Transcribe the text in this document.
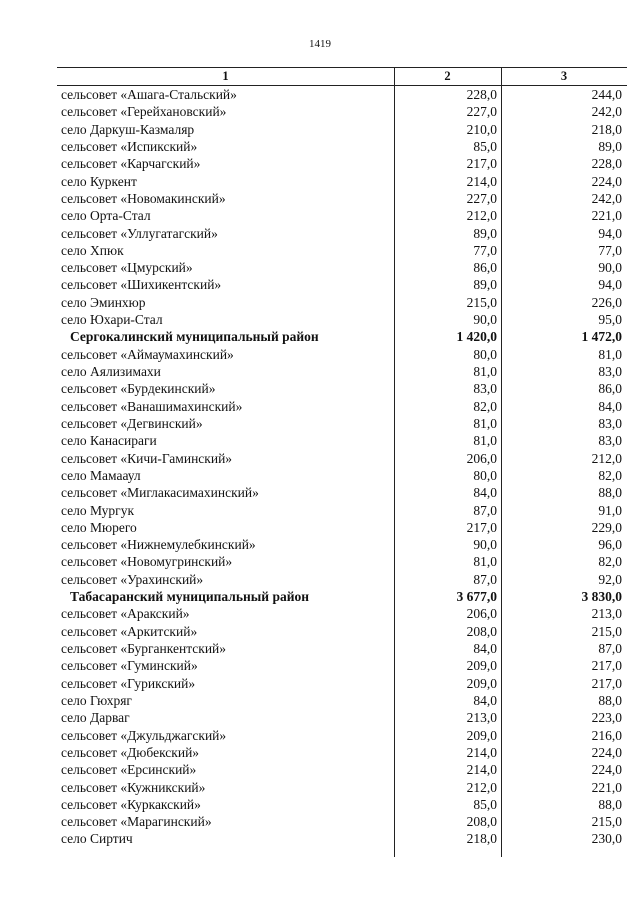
1419
1	2	3
сельсовет «Ашага-Стальский»	228,0	244,0
сельсовет «Герейхановский»	227,0	242,0
село Даркуш-Казмаляр	210,0	218,0
сельсовет «Испикский»	85,0	89,0
сельсовет «Карчагский»	217,0	228,0
село Куркент	214,0	224,0
сельсовет «Новомакинский»	227,0	242,0
село Орта-Стал	212,0	221,0
сельсовет «Уллугатагский»	89,0	94,0
село Хпюк	77,0	77,0
сельсовет «Цмурский»	86,0	90,0
сельсовет «Шихикентский»	89,0	94,0
село Эминхюр	215,0	226,0
село Юхари-Стал	90,0	95,0
Сергокалинский муниципальный район	1 420,0	1 472,0
сельсовет «Аймаумахинский»	80,0	81,0
село Аялизимахи	81,0	83,0
сельсовет «Бурдекинский»	83,0	86,0
сельсовет «Ванашимахинский»	82,0	84,0
сельсовет «Дегвинский»	81,0	83,0
село Канасираги	81,0	83,0
сельсовет «Кичи-Гаминский»	206,0	212,0
село Мамааул	80,0	82,0
сельсовет «Миглакасимахинский»	84,0	88,0
село Мургук	87,0	91,0
село Мюрего	217,0	229,0
сельсовет «Нижнемулебкинский»	90,0	96,0
сельсовет «Новомугринский»	81,0	82,0
сельсовет «Урахинский»	87,0	92,0
Табасаранский муниципальный район	3 677,0	3 830,0
сельсовет «Аракский»	206,0	213,0
сельсовет «Аркитский»	208,0	215,0
сельсовет «Бурганкентский»	84,0	87,0
сельсовет «Гуминский»	209,0	217,0
сельсовет «Гурикский»	209,0	217,0
село Гюхряг	84,0	88,0
село Дарваг	213,0	223,0
сельсовет «Джульджагский»	209,0	216,0
сельсовет «Дюбекский»	214,0	224,0
сельсовет «Ерсинский»	214,0	224,0
сельсовет «Кужникский»	212,0	221,0
сельсовет «Куркакский»	85,0	88,0
сельсовет «Марагинский»	208,0	215,0
село Сиртич	218,0	230,0
